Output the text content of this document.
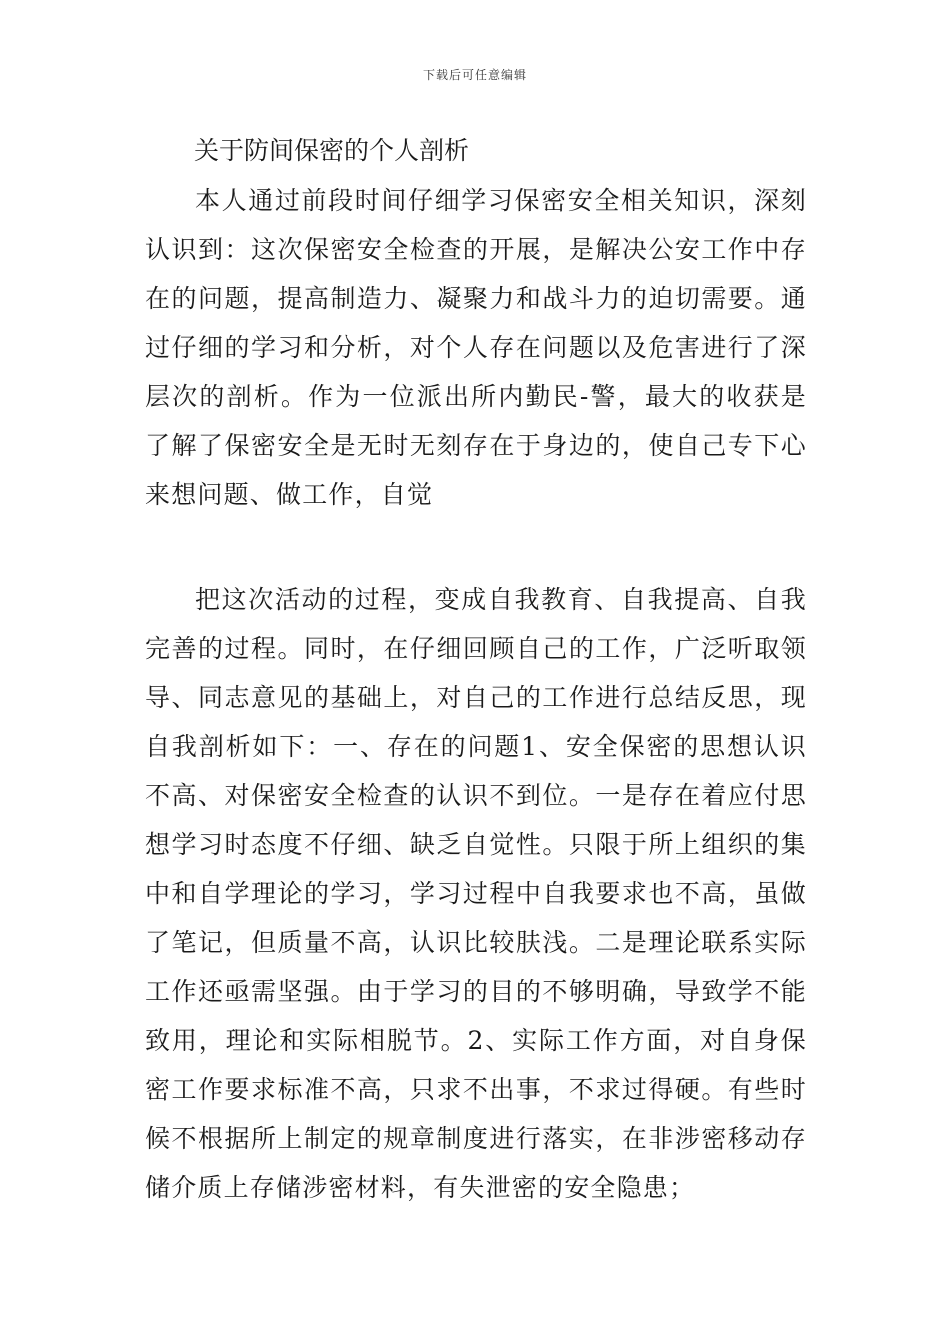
下载后可任意编辑
关于防间保密的个人剖析

本人通过前段时间仔细学习保密安全相关知识，深刻认识到：这次保密安全检查的开展，是解决公安工作中存在的问题，提高制造力、凝聚力和战斗力的迫切需要。通过仔细的学习和分析，对个人存在问题以及危害进行了深层次的剖析。作为一位派出所内勤民-警，最大的收获是了解了保密安全是无时无刻存在于身边的，使自己专下心来想问题、做工作，自觉

把这次活动的过程，变成自我教育、自我提高、自我完善的过程。同时，在仔细回顾自己的工作，广泛听取领导、同志意见的基础上，对自己的工作进行总结反思，现自我剖析如下：一、存在的问题1、安全保密的思想认识不高、对保密安全检查的认识不到位。一是存在着应付思想学习时态度不仔细、缺乏自觉性。只限于所上组织的集中和自学理论的学习，学习过程中自我要求也不高，虽做了笔记，但质量不高，认识比较肤浅。二是理论联系实际工作还亟需坚强。由于学习的目的不够明确，导致学不能致用，理论和实际相脱节。2、实际工作方面，对自身保密工作要求标准不高，只求不出事，不求过得硬。有些时候不根据所上制定的规章制度进行落实，在非涉密移动存储介质上存储涉密材料，有失泄密的安全隐患；
